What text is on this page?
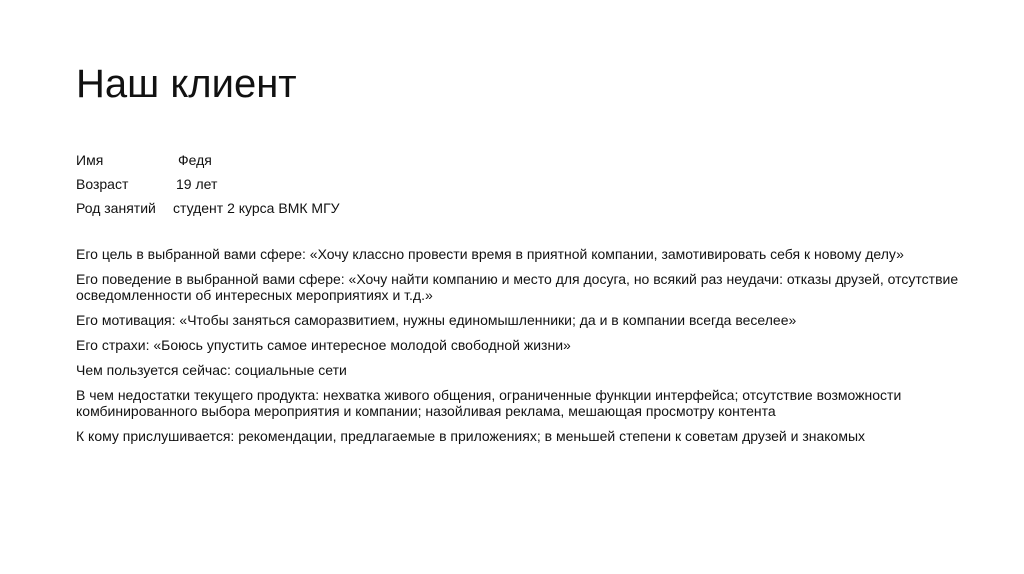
Наш клиент
Имя	Федя
Возраст	19 лет
Род занятий студент 2 курса ВМК МГУ

Его цель в выбранной вами сфере: «Хочу классно провести время в приятной компании, замотивировать себя к новому делу»

Его поведение в выбранной вами сфере: «Хочу найти компанию и место для досуга, но всякий раз неудачи: отказы друзей, отсутствие осведомленности об интересных мероприятиях и т.д.»

Его мотивация: «Чтобы заняться саморазвитием, нужны единомышленники; да и в компании всегда веселее»

Его страхи: «Боюсь упустить самое интересное молодой свободной жизни»

Чем пользуется сейчас: социальные сети

В чем недостатки текущего продукта: нехватка живого общения, ограниченные функции интерфейса; отсутствие возможности комбинированного выбора мероприятия и компании; назойливая реклама, мешающая просмотру контента

К кому прислушивается: рекомендации, предлагаемые в приложениях; в меньшей степени к советам друзей и знакомых
